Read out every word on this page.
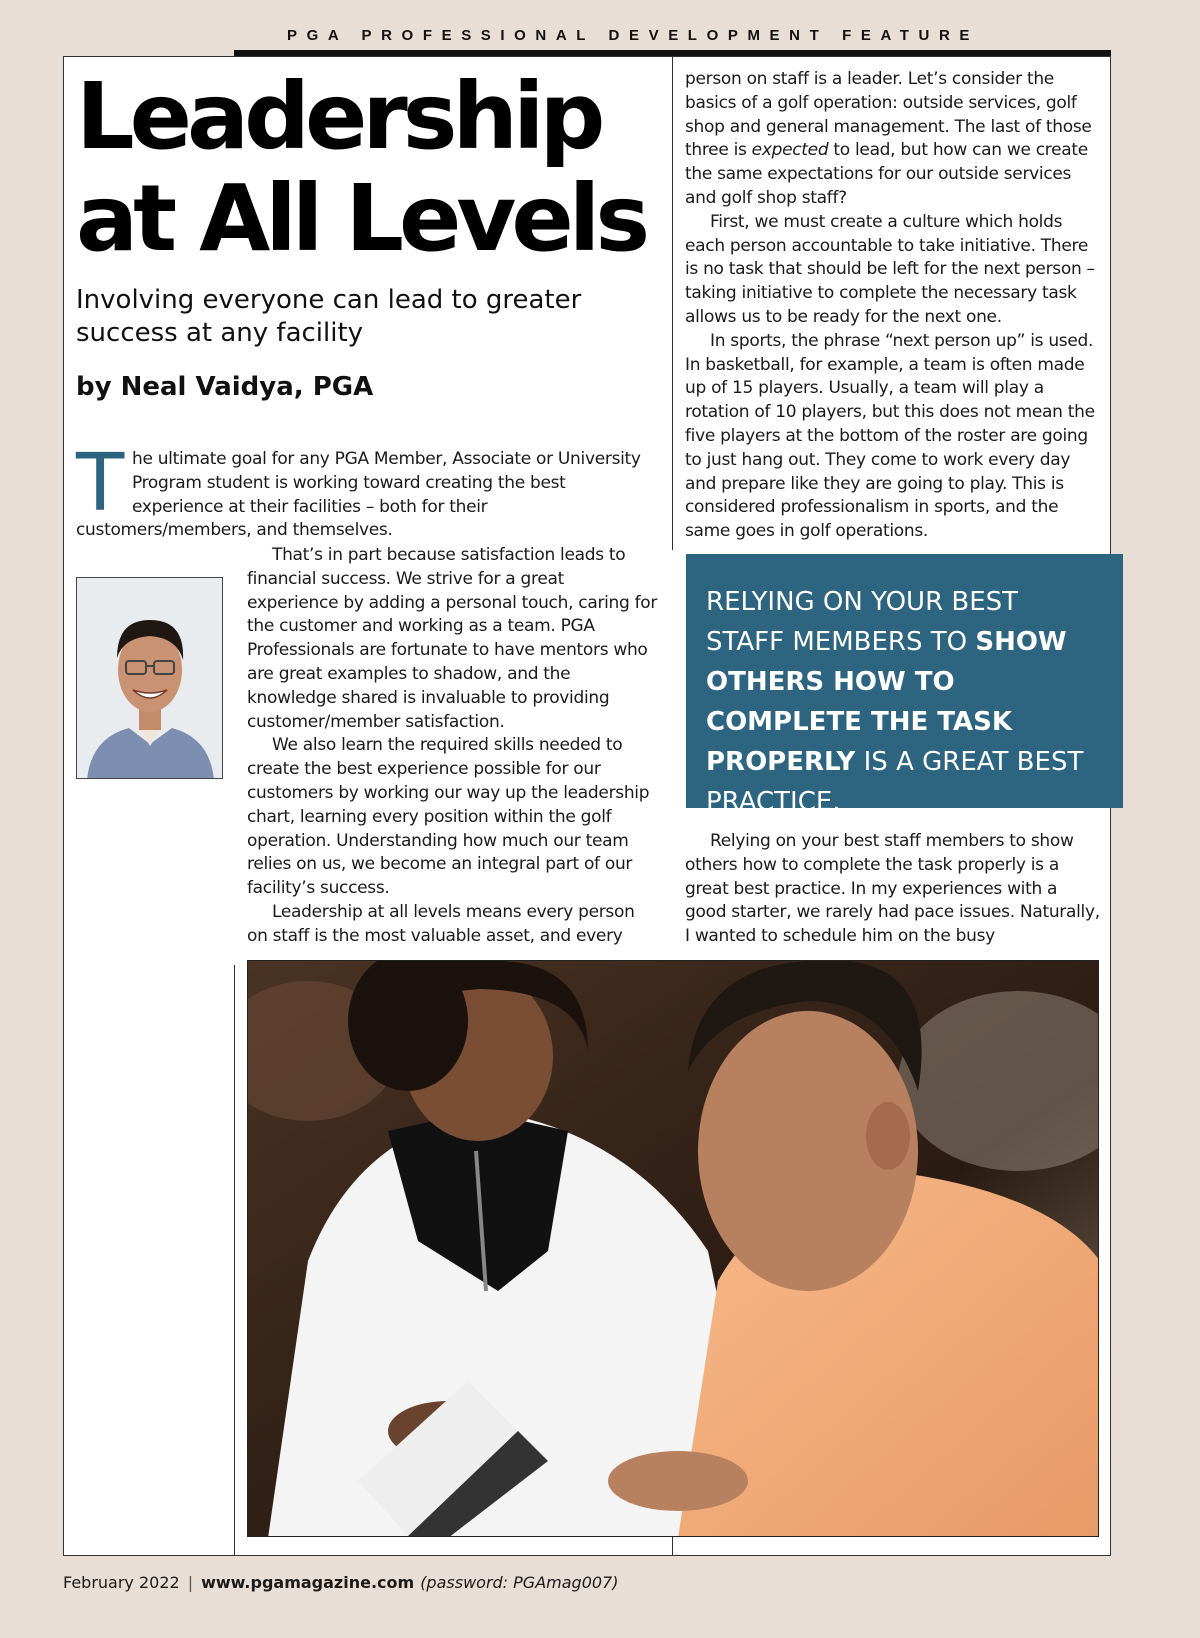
PGA PROFESSIONAL DEVELOPMENT FEATURE
Leadership
at All Levels
Involving everyone can lead to greater success at any facility
by Neal Vaidya, PGA
T he ultimate goal for any PGA Member, Associate or University Program student is working toward creating the best experience at their facilities – both for their customers/members, and themselves.

That’s in part because satisfaction leads to financial success. We strive for a great experience by adding a personal touch, caring for the customer and working as a team. PGA Professionals are fortunate to have mentors who are great examples to shadow, and the knowledge shared is invaluable to providing customer/member satisfaction.

We also learn the required skills needed to create the best experience possible for our customers by working our way up the leadership chart, learning every position within the golf operation. Understanding how much our team relies on us, we become an integral part of our facility’s success.

Leadership at all levels means every person on staff is the most valuable asset, and every

person on staff is a leader. Let’s consider the basics of a golf operation: outside services, golf shop and general management. The last of those three is expected to lead, but how can we create the same expectations for our outside services and golf shop staff?

First, we must create a culture which holds each person accountable to take initiative. There is no task that should be left for the next person – taking initiative to complete the necessary task allows us to be ready for the next one.

In sports, the phrase “next person up” is used. In basketball, for example, a team is often made up of 15 players. Usually, a team will play a rotation of 10 players, but this does not mean the five players at the bottom of the roster are going to just hang out. They come to work every day and prepare like they are going to play. This is considered professionalism in sports, and the same goes in golf operations.

RELYING ON YOUR BEST STAFF MEMBERS TO SHOW OTHERS HOW TO COMPLETE THE TASK PROPERLY IS A GREAT BEST PRACTICE.

Relying on your best staff members to show others how to complete the task properly is a great best practice. In my experiences with a good starter, we rarely had pace issues. Naturally, I wanted to schedule him on the busy

February 2022 | www.pgamagazine.com (password: PGAmag007)
